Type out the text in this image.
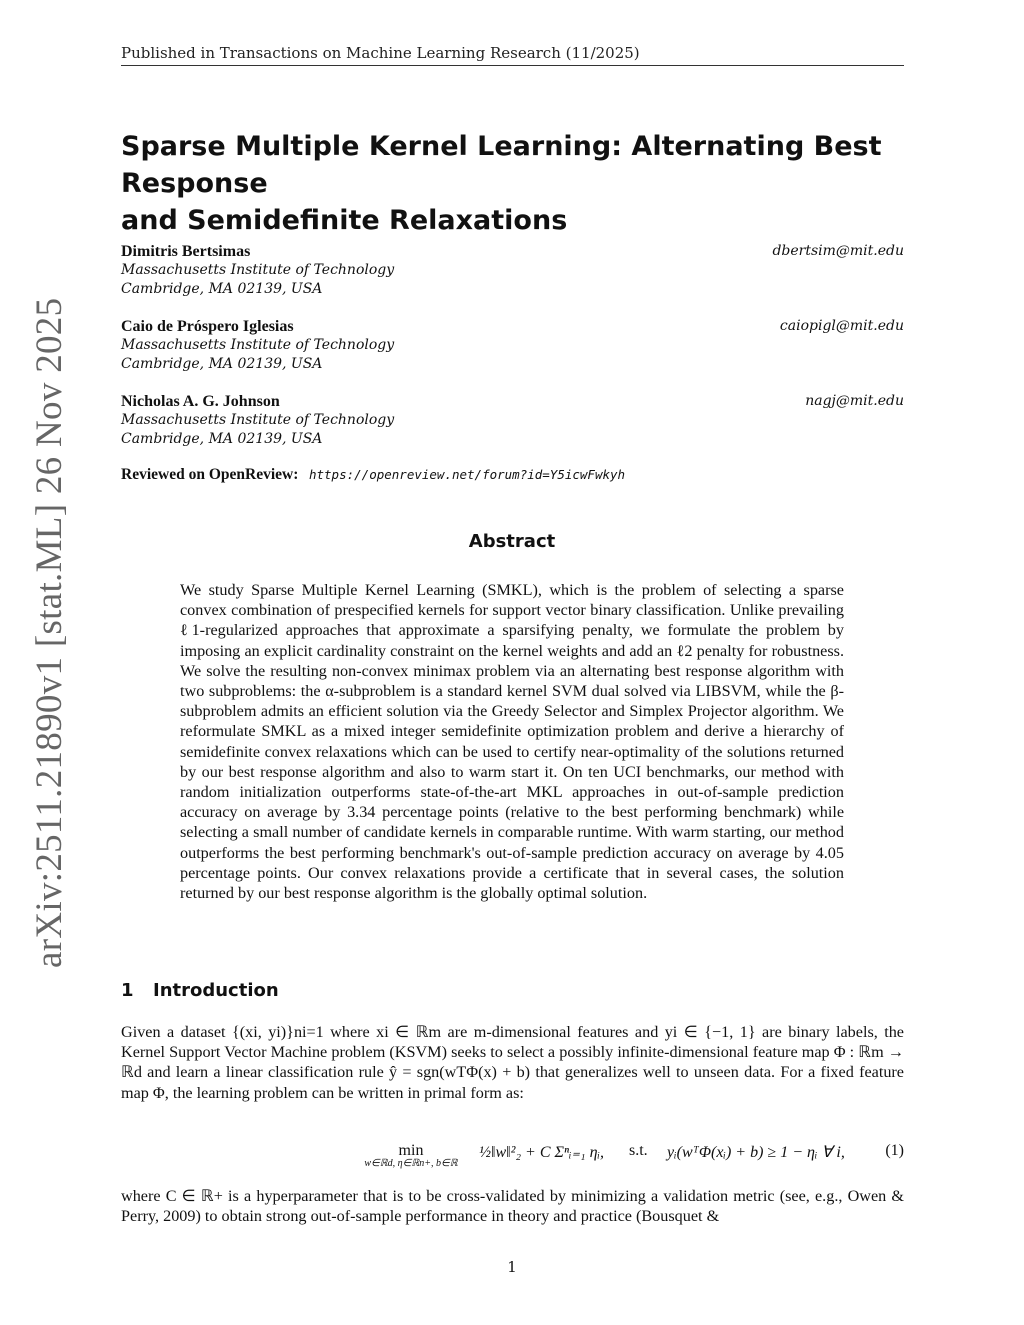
Published in Transactions on Machine Learning Research (11/2025)
Sparse Multiple Kernel Learning: Alternating Best Response
and Semidefinite Relaxations
Dimitris Bertsimas	dbertsim@mit.edu
Massachusetts Institute of Technology
Cambridge, MA 02139, USA
Caio de Próspero Iglesias	caiopigl@mit.edu
Massachusetts Institute of Technology
Cambridge, MA 02139, USA
Nicholas A. G. Johnson	nagj@mit.edu
Massachusetts Institute of Technology
Cambridge, MA 02139, USA
Reviewed on OpenReview: https://openreview.net/forum?id=Y5icwFwkyh
Abstract
We study Sparse Multiple Kernel Learning (SMKL), which is the problem of selecting a sparse convex combination of prespecified kernels for support vector binary classification. Unlike prevailing ℓ1-regularized approaches that approximate a sparsifying penalty, we formulate the problem by imposing an explicit cardinality constraint on the kernel weights and add an ℓ2 penalty for robustness. We solve the resulting non-convex minimax problem via an alternating best response algorithm with two subproblems: the α-subproblem is a standard kernel SVM dual solved via LIBSVM, while the β-subproblem admits an efficient solution via the Greedy Selector and Simplex Projector algorithm. We reformulate SMKL as a mixed integer semidefinite optimization problem and derive a hierarchy of semidefinite convex relaxations which can be used to certify near-optimality of the solutions returned by our best response algorithm and also to warm start it. On ten UCI benchmarks, our method with random initialization outperforms state-of-the-art MKL approaches in out-of-sample prediction accuracy on average by 3.34 percentage points (relative to the best performing benchmark) while selecting a small number of candidate kernels in comparable runtime. With warm starting, our method outperforms the best performing benchmark's out-of-sample prediction accuracy on average by 4.05 percentage points. Our convex relaxations provide a certificate that in several cases, the solution returned by our best response algorithm is the globally optimal solution.
1 Introduction
Given a dataset {(xi, yi)}ni=1 where xi ∈ ℝm are m-dimensional features and yi ∈ {−1, 1} are binary labels, the Kernel Support Vector Machine problem (KSVM) seeks to select a possibly infinite-dimensional feature map Φ : ℝm → ℝd and learn a linear classification rule ŷ = sgn(wTΦ(x) + b) that generalizes well to unseen data. For a fixed feature map Φ, the learning problem can be written in primal form as:
min
w∈ℝd, η∈ℝn+, b∈ℝ
½‖w‖²₂ + C Σⁿᵢ₌₁ ηᵢ, s.t. yᵢ(wᵀΦ(xᵢ) + b) ≥ 1 − ηᵢ ∀ i,	(1)
where C ∈ ℝ+ is a hyperparameter that is to be cross-validated by minimizing a validation metric (see, e.g., Owen & Perry, 2009) to obtain strong out-of-sample performance in theory and practice (Bousquet &
1
arXiv:2511.21890v1 [stat.ML] 26 Nov 2025
